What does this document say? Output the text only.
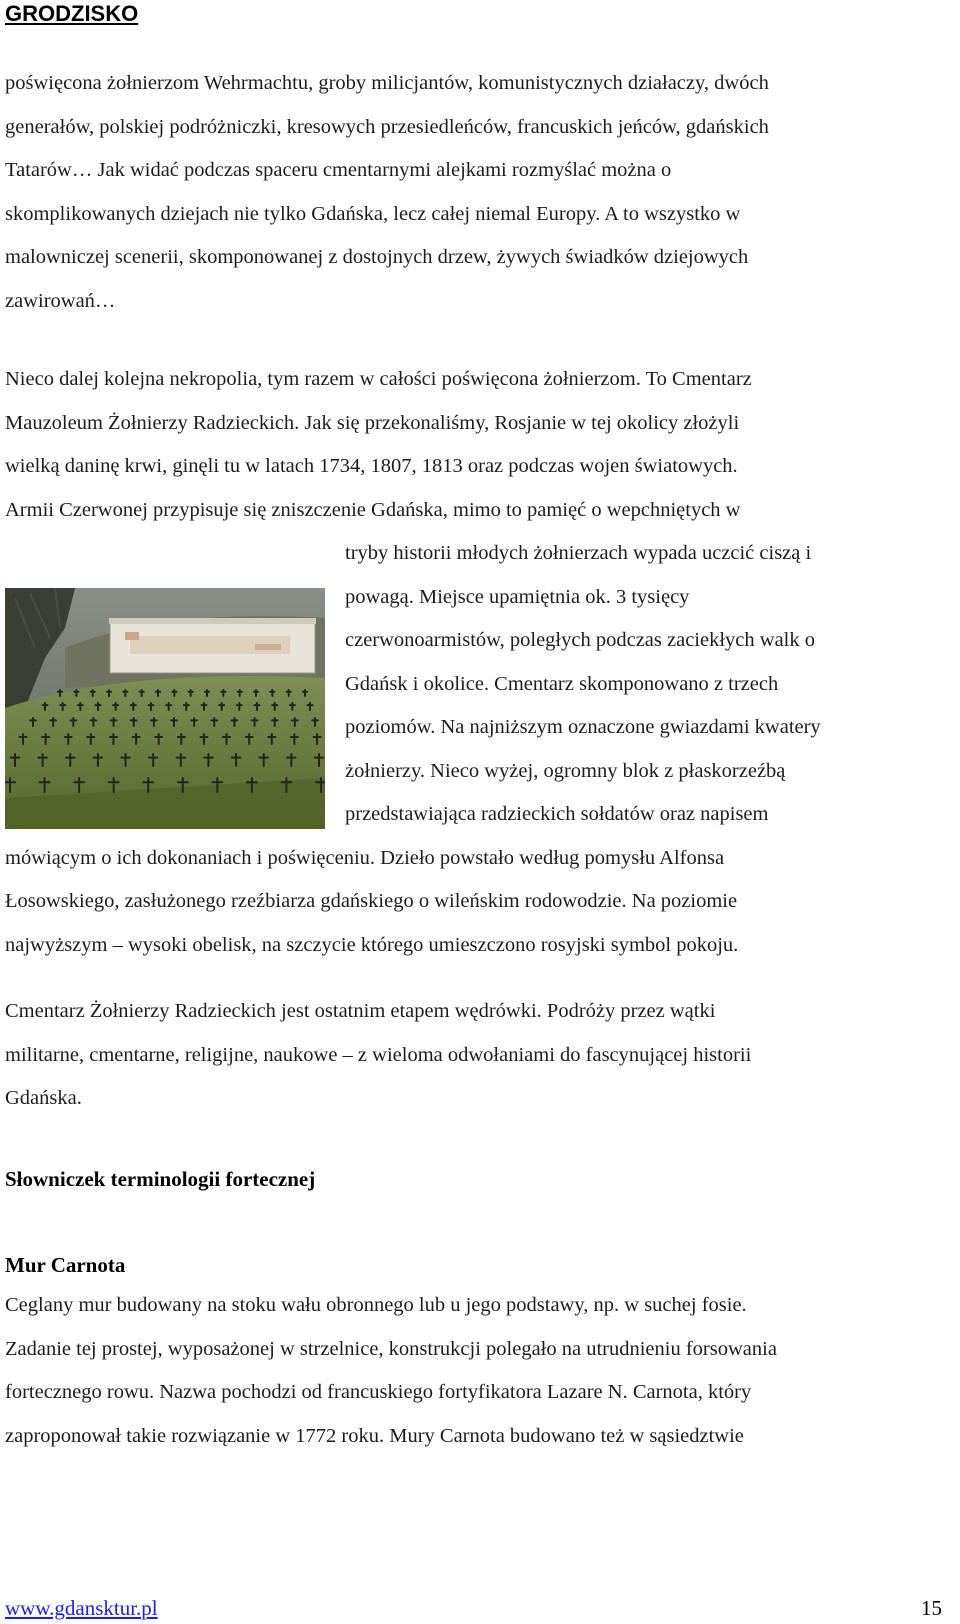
GRODZISKO
poświęcona żołnierzom Wehrmachtu, groby milicjantów, komunistycznych działaczy, dwóch
generałów, polskiej podróżniczki, kresowych przesiedleńców, francuskich jeńców, gdańskich
Tatarów… Jak widać podczas spaceru cmentarnymi alejkami rozmyślać można o
skomplikowanych dziejach nie tylko Gdańska, lecz całej niemal Europy. A to wszystko w
malowniczej scenerii, skomponowanej z dostojnych drzew, żywych świadków dziejowych
zawirowań…
Nieco dalej kolejna nekropolia, tym razem w całości poświęcona żołnierzom. To Cmentarz
Mauzoleum Żołnierzy Radzieckich. Jak się przekonaliśmy, Rosjanie w tej okolicy złożyli
wielką daninę krwi, ginęli tu w latach 1734, 1807, 1813 oraz podczas wojen światowych.
Armii Czerwonej przypisuje się zniszczenie Gdańska, mimo to pamięć o wepchniętych w
tryby historii młodych żołnierzach wypada uczcić ciszą i
powagą. Miejsce upamiętnia ok. 3 tysięcy
czerwonoarmistów, poległych podczas zaciekłych walk o
Gdańsk i okolice. Cmentarz skomponowano z trzech
poziomów. Na najniższym oznaczone gwiazdami kwatery
żołnierzy. Nieco wyżej, ogromny blok z płaskorzeźbą
przedstawiająca radzieckich sołdatów oraz napisem
mówiącym o ich dokonaniach i poświęceniu. Dzieło powstało według pomysłu Alfonsa
Łosowskiego, zasłużonego rzeźbiarza gdańskiego o wileńskim rodowodzie. Na poziomie
najwyższym – wysoki obelisk, na szczycie którego umieszczono rosyjski symbol pokoju.
Cmentarz Żołnierzy Radzieckich jest ostatnim etapem wędrówki. Podróży przez wątki
militarne, cmentarne, religijne, naukowe – z wieloma odwołaniami do fascynującej historii
Gdańska.
Słowniczek terminologii fortecznej
Mur Carnota
Ceglany mur budowany na stoku wału obronnego lub u jego podstawy, np. w suchej fosie.
Zadanie tej prostej, wyposażonej w strzelnice, konstrukcji polegało na utrudnieniu forsowania
fortecznego rowu. Nazwa pochodzi od francuskiego fortyfikatora Lazare N. Carnota, który
zaproponował takie rozwiązanie w 1772 roku. Mury Carnota budowano też w sąsiedztwie
www.gdansktur.pl	15
